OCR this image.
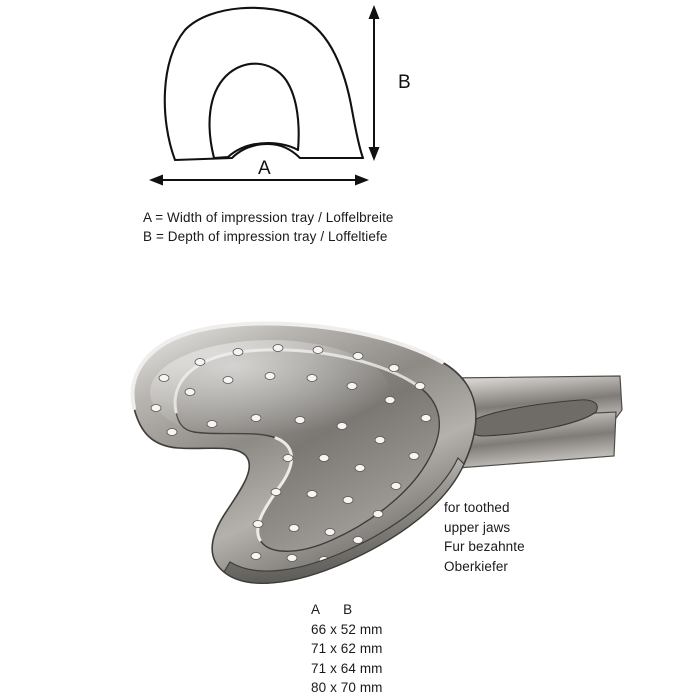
B
A
A = Width of impression tray / Loffelbreite
B = Depth of impression tray / Loffeltiefe
for toothed
upper jaws
Fur bezahnte
Oberkiefer
A      B
66 x 52 mm
71 x 62 mm
71 x 64 mm
80 x 70 mm
